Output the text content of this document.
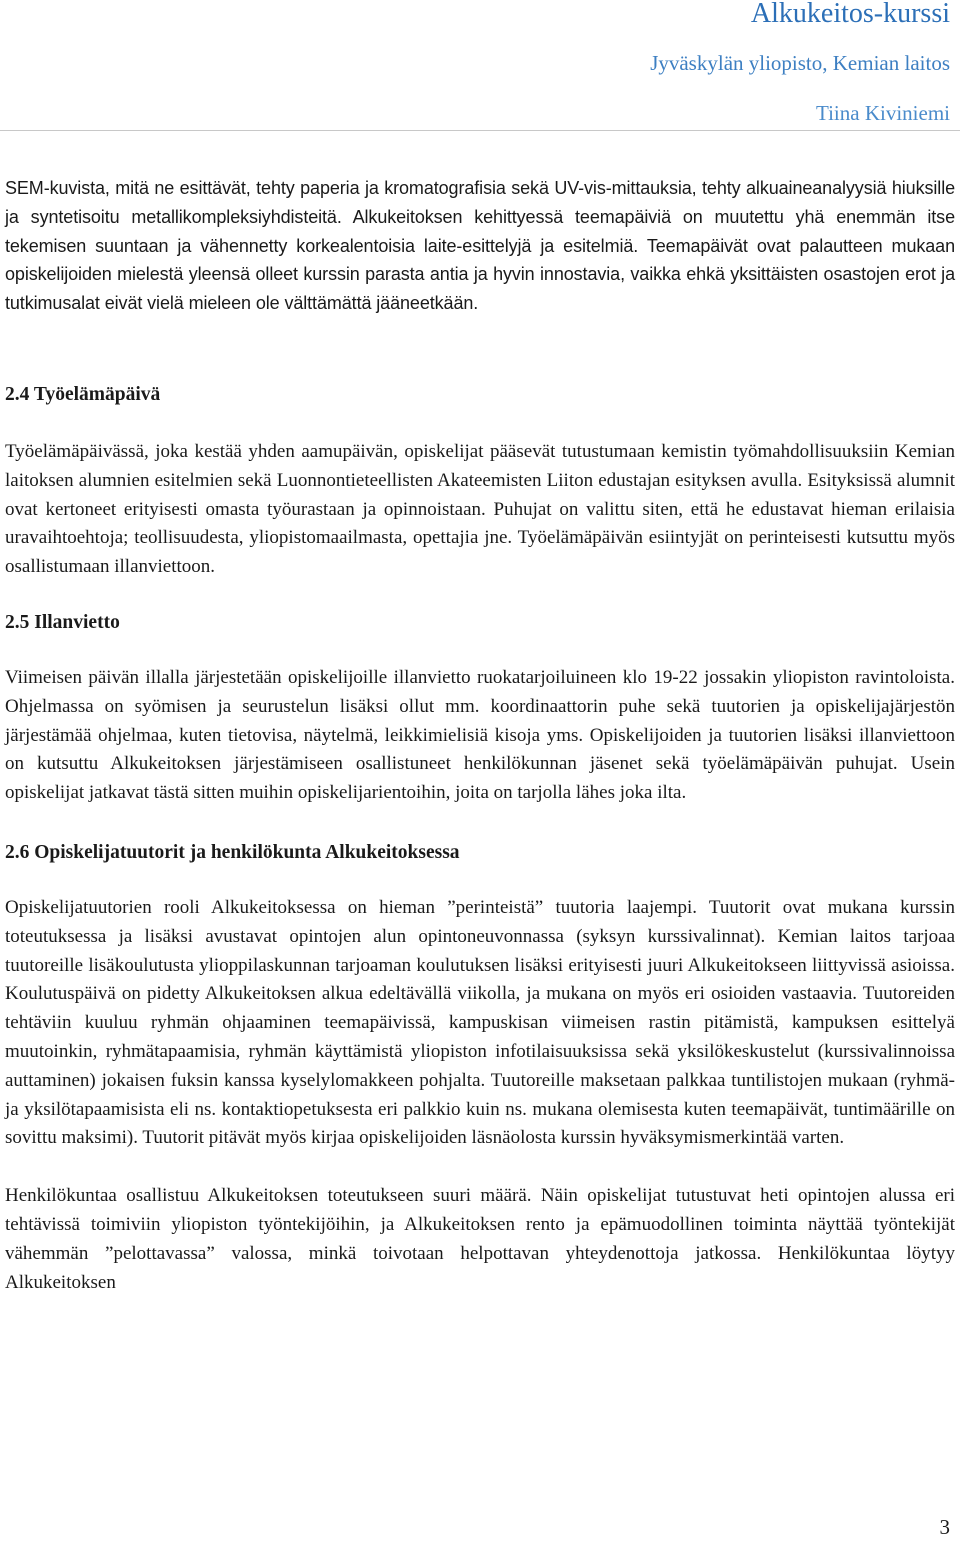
Alkukeitos-kurssi
Jyväskylän yliopisto, Kemian laitos
Tiina Kiviniemi

SEM-kuvista, mitä ne esittävät, tehty paperia ja kromatografisia sekä UV-vis-mittauksia, tehty alkuaineanalyysiä hiuksille ja syntetisoitu metallikompleksiyhdisteitä. Alkukeitoksen kehittyessä teemapäiviä on muutettu yhä enemmän itse tekemisen suuntaan ja vähennetty korkealentoisia laite-esittelyjä ja esitelmiä. Teemapäivät ovat palautteen mukaan opiskelijoiden mielestä yleensä olleet kurssin parasta antia ja hyvin innostavia, vaikka ehkä yksittäisten osastojen erot ja tutkimusalat eivät vielä mieleen ole välttämättä jääneetkään.

2.4 Työelämäpäivä

Työelämäpäivässä, joka kestää yhden aamupäivän, opiskelijat pääsevät tutustumaan kemistin työmahdollisuuksiin Kemian laitoksen alumnien esitelmien sekä Luonnontieteellisten Akateemisten Liiton edustajan esityksen avulla. Esityksissä alumnit ovat kertoneet erityisesti omasta työurastaan ja opinnoistaan. Puhujat on valittu siten, että he edustavat hieman erilaisia uravaihtoehtoja; teollisuudesta, yliopistomaailmasta, opettajia jne. Työelämäpäivän esiintyjät on perinteisesti kutsuttu myös osallistumaan illanviettoon.

2.5 Illanvietto

Viimeisen päivän illalla järjestetään opiskelijoille illanvietto ruokatarjoiluineen klo 19-22 jossakin yliopiston ravintoloista. Ohjelmassa on syömisen ja seurustelun lisäksi ollut mm. koordinaattorin puhe sekä tuutorien ja opiskelijajärjestön järjestämää ohjelmaa, kuten tietovisa, näytelmä, leikkimielisiä kisoja yms. Opiskelijoiden ja tuutorien lisäksi illanviettoon on kutsuttu Alkukeitoksen järjestämiseen osallistuneet henkilökunnan jäsenet sekä työelämäpäivän puhujat. Usein opiskelijat jatkavat tästä sitten muihin opiskelijarientoihin, joita on tarjolla lähes joka ilta.

2.6 Opiskelijatuutorit ja henkilökunta Alkukeitoksessa

Opiskelijatuutorien rooli Alkukeitoksessa on hieman ”perinteistä” tuutoria laajempi. Tuutorit ovat mukana kurssin toteutuksessa ja lisäksi avustavat opintojen alun opintoneuvonnassa (syksyn kurssivalinnat). Kemian laitos tarjoaa tuutoreille lisäkoulutusta ylioppilaskunnan tarjoaman koulutuksen lisäksi erityisesti juuri Alkukeitokseen liittyvissä asioissa. Koulutuspäivä on pidetty Alkukeitoksen alkua edeltävällä viikolla, ja mukana on myös eri osioiden vastaavia. Tuutoreiden tehtäviin kuuluu ryhmän ohjaaminen teemapäivissä, kampuskisan viimeisen rastin pitämistä, kampuksen esittelyä muutoinkin, ryhmätapaamisia, ryhmän käyttämistä yliopiston infotilaisuuksissa sekä yksilökeskustelut (kurssivalinnoissa auttaminen) jokaisen fuksin kanssa kyselylomakkeen pohjalta. Tuutoreille maksetaan palkkaa tuntilistojen mukaan (ryhmä- ja yksilötapaamisista eli ns. kontaktiopetuksesta eri palkkio kuin ns. mukana olemisesta kuten teemapäivät, tuntimäärille on sovittu maksimi). Tuutorit pitävät myös kirjaa opiskelijoiden läsnäolosta kurssin hyväksymismerkintää varten.

Henkilökuntaa osallistuu Alkukeitoksen toteutukseen suuri määrä. Näin opiskelijat tutustuvat heti opintojen alussa eri tehtävissä toimiviin yliopiston työntekijöihin, ja Alkukeitoksen rento ja epämuodollinen toiminta näyttää työntekijät vähemmän ”pelottavassa” valossa, minkä toivotaan helpottavan yhteydenottoja jatkossa. Henkilökuntaa löytyy Alkukeitoksen

3
